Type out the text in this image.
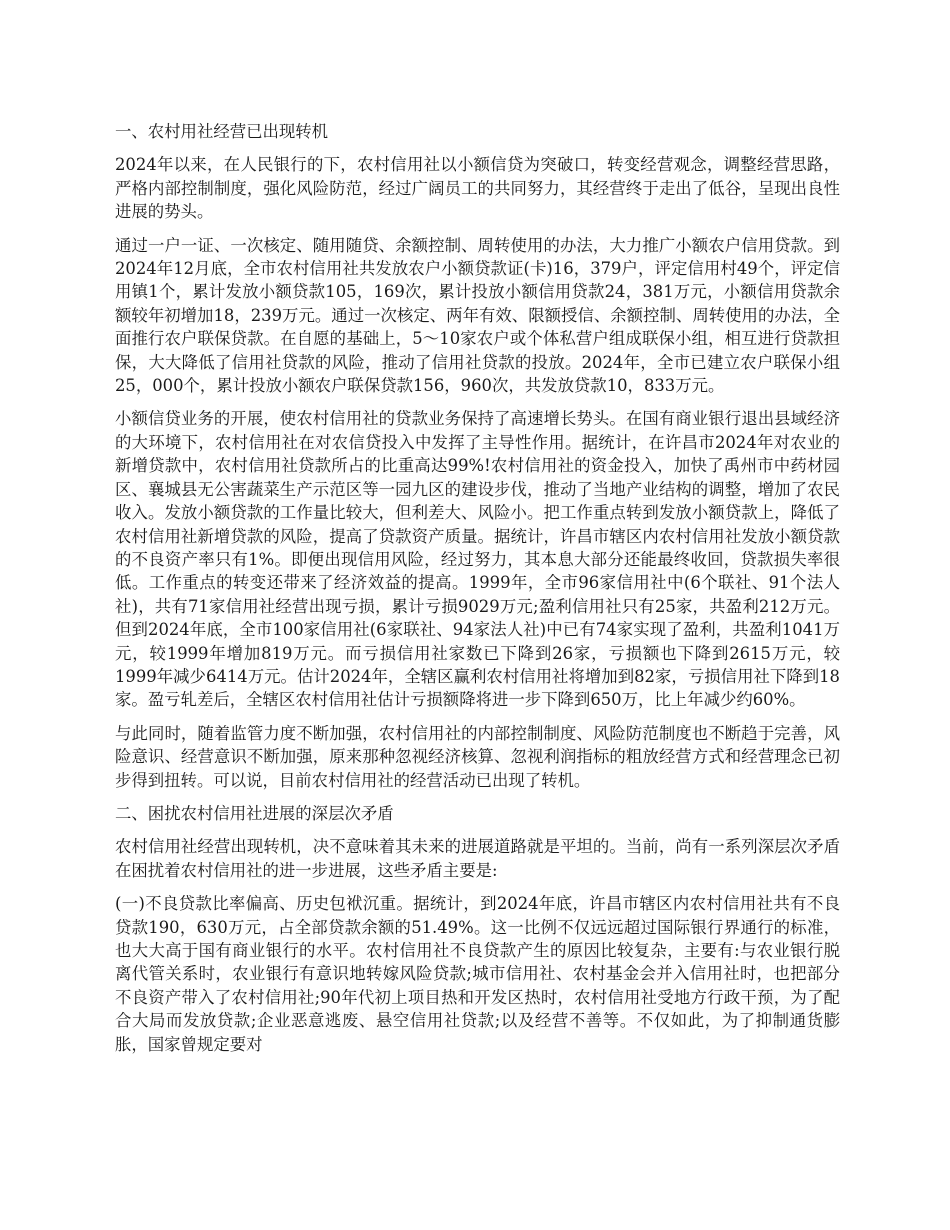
一、农村用社经营已出现转机
2024年以来，在人民银行的下，农村信用社以小额信贷为突破口，转变经营观念，调整经营思路，严格内部控制制度，强化风险防范，经过广阔员工的共同努力，其经营终于走出了低谷，呈现出良性进展的势头。
通过一户一证、一次核定、随用随贷、余额控制、周转使用的办法，大力推广小额农户信用贷款。到2024年12月底，全市农村信用社共发放农户小额贷款证(卡)16，379户，评定信用村49个，评定信用镇1个，累计发放小额贷款105，169次，累计投放小额信用贷款24，381万元，小额信用贷款余额较年初增加18，239万元。通过一次核定、两年有效、限额授信、余额控制、周转使用的办法，全面推行农户联保贷款。在自愿的基础上，5～10家农户或个体私营户组成联保小组，相互进行贷款担保，大大降低了信用社贷款的风险，推动了信用社贷款的投放。2024年，全市已建立农户联保小组25，000个，累计投放小额农户联保贷款156，960次，共发放贷款10，833万元。
小额信贷业务的开展，使农村信用社的贷款业务保持了高速增长势头。在国有商业银行退出县域经济的大环境下，农村信用社在对农信贷投入中发挥了主导性作用。据统计，在许昌市2024年对农业的新增贷款中，农村信用社贷款所占的比重高达99%!农村信用社的资金投入，加快了禹州市中药材园区、襄城县无公害蔬菜生产示范区等一园九区的建设步伐，推动了当地产业结构的调整，增加了农民收入。发放小额贷款的工作量比较大，但利差大、风险小。把工作重点转到发放小额贷款上，降低了农村信用社新增贷款的风险，提高了贷款资产质量。据统计，许昌市辖区内农村信用社发放小额贷款的不良资产率只有1%。即便出现信用风险，经过努力，其本息大部分还能最终收回，贷款损失率很低。工作重点的转变还带来了经济效益的提高。1999年，全市96家信用社中(6个联社、91个法人社)，共有71家信用社经营出现亏损，累计亏损9029万元;盈利信用社只有25家，共盈利212万元。但到2024年底，全市100家信用社(6家联社、94家法人社)中已有74家实现了盈利，共盈利1041万元，较1999年增加819万元。而亏损信用社家数已下降到26家，亏损额也下降到2615万元，较1999年减少6414万元。估计2024年，全辖区赢利农村信用社将增加到82家，亏损信用社下降到18家。盈亏轧差后，全辖区农村信用社估计亏损额降将进一步下降到650万，比上年减少约60%。
与此同时，随着监管力度不断加强，农村信用社的内部控制制度、风险防范制度也不断趋于完善，风险意识、经营意识不断加强，原来那种忽视经济核算、忽视利润指标的粗放经营方式和经营理念已初步得到扭转。可以说，目前农村信用社的经营活动已出现了转机。
二、困扰农村信用社进展的深层次矛盾
农村信用社经营出现转机，决不意味着其未来的进展道路就是平坦的。当前，尚有一系列深层次矛盾在困扰着农村信用社的进一步进展，这些矛盾主要是:
(一)不良贷款比率偏高、历史包袱沉重。据统计，到2024年底，许昌市辖区内农村信用社共有不良贷款190，630万元，占全部贷款余额的51.49%。这一比例不仅远远超过国际银行界通行的标准，也大大高于国有商业银行的水平。农村信用社不良贷款产生的原因比较复杂，主要有:与农业银行脱离代管关系时，农业银行有意识地转嫁风险贷款;城市信用社、农村基金会并入信用社时，也把部分不良资产带入了农村信用社;90年代初上项目热和开发区热时，农村信用社受地方行政干预，为了配合大局而发放贷款;企业恶意逃废、悬空信用社贷款;以及经营不善等。不仅如此，为了抑制通货膨胀，国家曾规定要对
